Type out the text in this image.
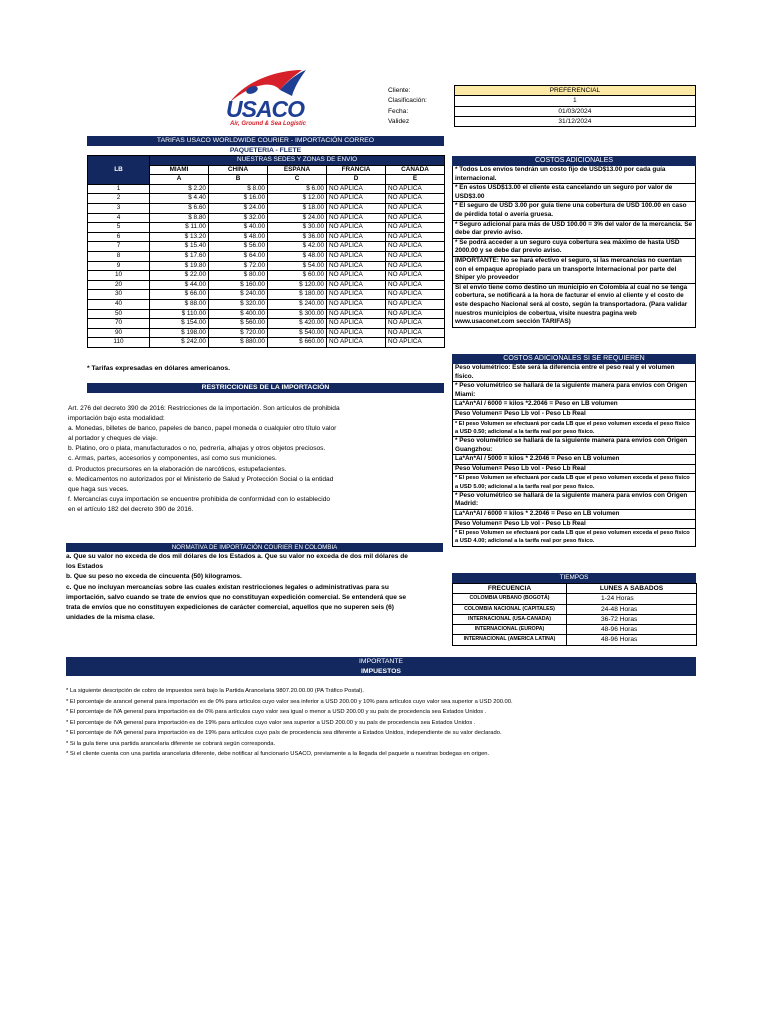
USACO
Air, Ground & Sea Logistic
Cliente:		PREFERENCIAL
Clasificación:		1
Fecha:		01/03/2024
Validez		31/12/2024
TARIFAS USACO WORLDWIDE COURIER - IMPORTACIÓN CORREO
PAQUETERIA - FLETE
LB	NUESTRAS SEDES Y ZONAS DE ENVÍO				
	MIAMI	CHINA	ESPAÑA	FRANCIA	CANADA
	A	B	C	D	E
1	$ 2.20	$ 8.00	$ 6.00	NO APLICA	NO APLICA
2	$ 4.40	$ 16.00	$ 12.00	NO APLICA	NO APLICA
3	$ 6.60	$ 24.00	$ 18.00	NO APLICA	NO APLICA
4	$ 8.80	$ 32.00	$ 24.00	NO APLICA	NO APLICA
5	$ 11.00	$ 40.00	$ 30.00	NO APLICA	NO APLICA
6	$ 13.20	$ 48.00	$ 36.00	NO APLICA	NO APLICA
7	$ 15.40	$ 56.00	$ 42.00	NO APLICA	NO APLICA
8	$ 17.60	$ 64.00	$ 48.00	NO APLICA	NO APLICA
9	$ 19.80	$ 72.00	$ 54.00	NO APLICA	NO APLICA
10	$ 22.00	$ 80.00	$ 60.00	NO APLICA	NO APLICA
20	$ 44.00	$ 160.00	$ 120.00	NO APLICA	NO APLICA
30	$ 66.00	$ 240.00	$ 180.00	NO APLICA	NO APLICA
40	$ 88.00	$ 320.00	$ 240.00	NO APLICA	NO APLICA
50	$ 110.00	$ 400.00	$ 300.00	NO APLICA	NO APLICA
70	$ 154.00	$ 560.00	$ 420.00	NO APLICA	NO APLICA
90	$ 198.00	$ 720.00	$ 540.00	NO APLICA	NO APLICA
110	$ 242.00	$ 880.00	$ 660.00	NO APLICA	NO APLICA
* Tarifas expresadas en dólares americanos.
COSTOS ADICIONALES
* Todos Los envíos tendrán un costo fijo de USD$13.00 por cada guía internacional.
* En estos USD$13.00 el cliente esta cancelando un seguro por valor de USD$3.00
* El seguro de USD 3.00 por guía tiene una cobertura de USD 100.00 en caso de pérdida total o avería gruesa.
* Seguro adicional para más de USD 100.00 = 3% del valor de la mercancía. Se debe dar previo aviso.
* Se podrá acceder a un seguro cuya cobertura sea máximo de hasta USD 2000.00 y se debe dar previo aviso.
IMPORTANTE: No se hará efectivo el seguro, si las mercancías no cuentan con el empaque apropiado para un transporte Internacional por parte del Shiper y/o proveedor
Si el envío tiene como destino un municipio en Colombia al cual no se tenga cobertura, se notificará a la hora de facturar el envío al cliente y el costo de este despacho Nacional será al costo, según la transportadora. (Para validar nuestros municipios de cobertua, visite nuestra pagina web www.usaconet.com sección TARIFAS)
COSTOS ADICIONALES SI SE REQUIEREN
Peso volumétrico: Este será la diferencia entre el peso real y el volumen físico.
* Peso volumétrico se hallará de la siguiente manera para envíos con Origen Miami:
La*An*Al / 6000 = kilos *2.2046 = Peso en LB volumen
Peso Volumen= Peso Lb vol - Peso Lb Real
* El peso Volumen se efectuará por cada LB que el peso volumen exceda el peso físico a USD 0.50; adicional a la tarifa real por peso físico.
* Peso volumétrico se hallará de la siguiente manera para envíos con Origen Guangzhou:
La*An*Al / 5000 = kilos * 2.2046 = Peso en LB volumen
Peso Volumen= Peso Lb vol - Peso Lb Real
* El peso Volumen se efectuará por cada LB que el peso volumen exceda el peso físico a USD 5.00; adicional a la tarifa real por peso físico.
* Peso volumétrico se hallará de la siguiente manera para envíos con Origen Madrid:
La*An*Al / 6000 = kilos * 2.2046 = Peso en LB volumen
Peso Volumen= Peso Lb vol - Peso Lb Real
* El peso Volumen se efectuará por cada LB que el peso volumen exceda el peso físico a USD 4.00; adicional a la tarifa real por peso físico.
RESTRICCIONES DE LA IMPORTACIÓN
Art. 276 del decreto 390 de 2016: Restricciones de la importación. Son artículos de prohibida
importación bajo esta modalidad:
a. Monedas, billetes de banco, papeles de banco, papel moneda o cualquier otro título valor
al portador y cheques de viaje.
b. Platino, oro o plata, manufacturados o no, pedrería, alhajas y otros objetos preciosos.
c. Armas, partes, accesorios y componentes, así como sus municiones.
d. Productos precursores en la elaboración de narcóticos, estupefacientes.
e. Medicamentos no autorizados por el Ministerio de Salud y Protección Social o la entidad
que haga sus veces.
f. Mercancías cuya importación se encuentre prohibida de conformidad con lo establecido
en el artículo 182 del decreto 390 de 2016.
NORMATIVA DE IMPORTACIÓN COURIER EN COLOMBIA
a. Que su valor no exceda de dos mil dólares de los Estados a. Que su valor no exceda de dos mil dólares de
los Estados
b. Que su peso no exceda de cincuenta (50) kilogramos.
c. Que no incluyan mercancías sobre las cuales existan restricciones legales o administrativas para su
importación, salvo cuando se trate de envíos que no constituyan expedición comercial. Se entenderá que se
trata de envíos que no constituyen expediciones de carácter comercial, aquellos que no superen seis (6)
unidades de la misma clase.
TIEMPOS
FRECUENCIA	LUNES A SABADOS
COLOMBIA URBANO (BOGOTÁ)	1-24 Horas
COLOMBIA NACIONAL (CAPITALES)	24-48 Horas
INTERNACIONAL (USA-CANADA)	36-72 Horas
INTERNACIONAL (EUROPA)	48-96 Horas
INTERNACIONAL (AMERICA LATINA)	48-96 Horas
IMPORTANTE
IMPUESTOS
* La siguiente descripción de cobro de impuestos será bajo la Partida Arancelaria 9807.20.00.00 (PA Tráfico Postal).
* El porcentaje de arancel general para importación es de 0% para artículos cuyo valor sea inferior a USD 200.00 y 10% para artículos cuyo valor sea superior a USD 200.00.
* El porcentaje de IVA general para importación es de 0% para artículos cuyo valor sea igual o menor a USD 200.00 y su país de procedencia sea Estados Unidos .
* El porcentaje de IVA general para importación es de 19% para artículos cuyo valor sea superior a USD 200.00 y su país de procedencia sea Estados Unidos .
* El porcentaje de IVA general para importación es de 19% para artículos cuyo país de procedencia sea diferente a Estados Unidos, independiente de su valor declarado.
* Si la guía tiene una partida arancelaria diferente se cobrará según corresponda.
* Si el cliente cuenta con una partida arancelaria diferente, debe notificar al funcionario USACO, previamente a la llegada del paquete a nuestras bodegas en origen.
